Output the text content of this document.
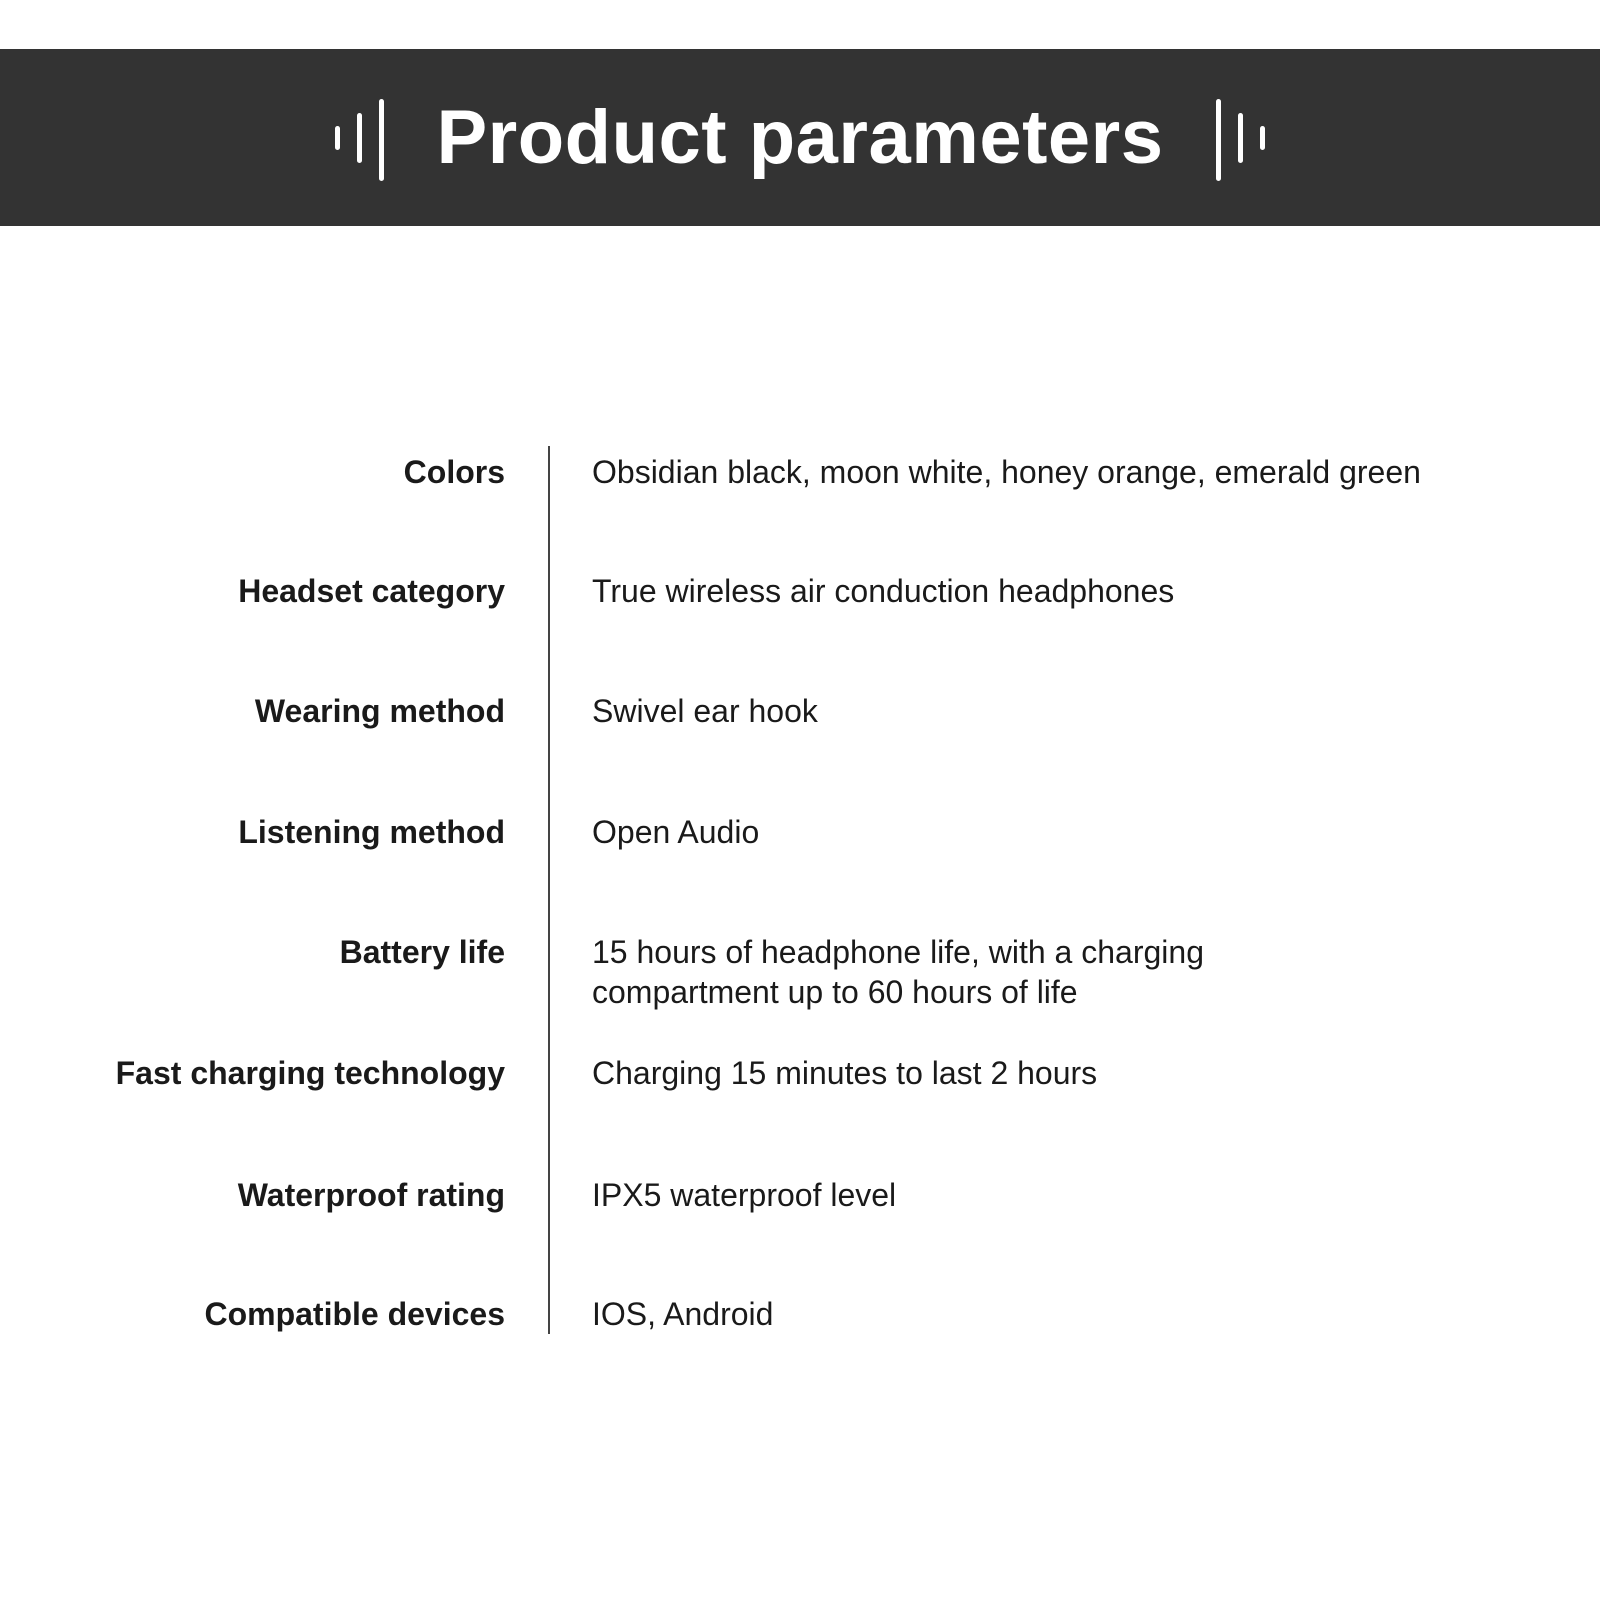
Product parameters
Colors	Obsidian black, moon white, honey orange, emerald green
Headset category	True wireless air conduction headphones
Wearing method	Swivel ear hook
Listening method	Open Audio
Battery life	15 hours of headphone life, with a charging
compartment up to 60 hours of life
Fast charging technology	Charging 15 minutes to last 2 hours
Waterproof rating	IPX5 waterproof level
Compatible devices	IOS, Android
